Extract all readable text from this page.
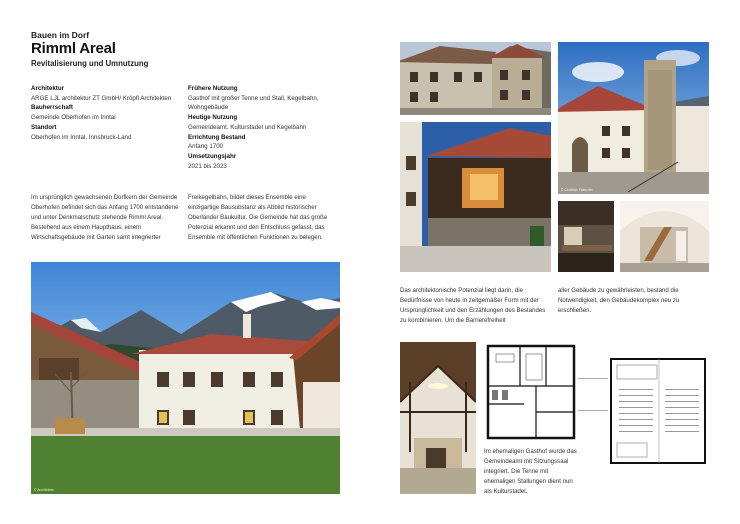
Bauen im Dorf
Rimml Areal
Revitalisierung und Umnutzung
Architektur
ARGE LJL architektur ZT GmbH/ Kröpfl Architekten
Bauherrschaft
Gemeinde Oberhofen im Inntal
Standort
Oberhofen im Inntal, Innsbruck-Land
Frühere Nutzung
Gasthof mit großer Tenne und Stall, Kegelbahn, Wohngebäude
Heutige Nutzung
Gemeindeamt, Kulturstadel und Kegelbahn
Errichtung Bestand
Anfang 1700
Umsetzungsjahr
2021 bis 2023
Im ursprünglich gewachsenen Dorfkern der Gemeinde Oberhofen befindet sich das Anfang 1700 entstandene und unter Denkmalschutz stehende Rimml Areal. Bestehend aus einem Haupthaus, einem Wirtschaftsgebäude mit Garten samt integrierter
Freikegelbahn, bildet dieses Ensemble eine einzigartige Bausubstanz als Abbild historischer Oberländer Baukultur. Die Gemeinde hat das große Potenzial erkannt und den Entschluss gefasst, das Ensemble mit öffentlichen Funktionen zu belegen.
© Architekten
© Christian Flatscher
Das architektonische Potenzial liegt darin, die Bedürfnisse von heute in zeitgemäßer Form mit der Ursprünglichkeit und den Erzählungen des Bestandes zu kombinieren. Um die Barrierefreiheit
aller Gebäude zu gewährleisten, bestand die Notwendigkeit, den Gebäudekomplex neu zu erschließen.
Im ehemaligen Gasthof wurde das Gemeindeamt mit Sitzungssaal integriert. Die Tenne mit ehemaligen Stallungen dient nun als Kulturstadel.
